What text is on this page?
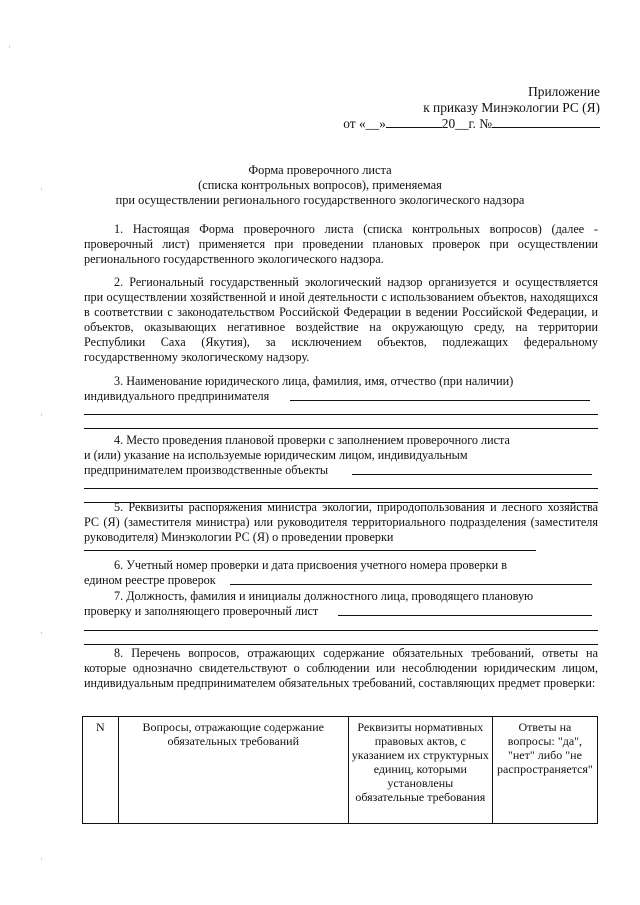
·
·
·
·
·
Приложение
к приказу Минэкологии РС (Я)
от «__»	20__г. №
Форма проверочного листа
(списка контрольных вопросов), применяемая
при осуществлении регионального государственного экологического надзора

1. Настоящая Форма проверочного листа (списка контрольных вопросов) (далее - проверочный лист) применяется при проведении плановых проверок при осуществлении регионального государственного экологического надзора.

2. Региональный государственный экологический надзор организуется и осуществляется при осуществлении хозяйственной и иной деятельности с использованием объектов, находящихся в соответствии с законодательством Российской Федерации в ведении Российской Федерации, и объектов, оказывающих негативное воздействие на окружающую среду, на территории Республики Саха (Якутия), за исключением объектов, подлежащих федеральному государственному экологическому надзору.

3. Наименование юридического лица, фамилия, имя, отчество (при наличии)

индивидуального предпринимателя

4. Место проведения плановой проверки с заполнением проверочного листа

и (или) указание на используемые юридическим лицом, индивидуальным

предпринимателем производственные объекты

5. Реквизиты распоряжения министра экологии, природопользования и лесного хозяйства РС (Я) (заместителя министра) или руководителя территориального подразделения (заместителя руководителя) Минэкологии РС (Я) о проведении проверки

6. Учетный номер проверки и дата присвоения учетного номера проверки в

едином реестре проверок

7. Должность, фамилия и инициалы должностного лица, проводящего плановую

проверку и заполняющего проверочный лист

8. Перечень вопросов, отражающих содержание обязательных требований, ответы на которые однозначно свидетельствуют о соблюдении или несоблюдении юридическим лицом, индивидуальным предпринимателем обязательных требований, составляющих предмет проверки:

N	Вопросы, отражающие содержание обязательных требований	Реквизиты нормативных правовых актов, с указанием их структурных единиц, которыми установлены обязательные требования	Ответы на вопросы: "да", "нет" либо "не распространяется"
